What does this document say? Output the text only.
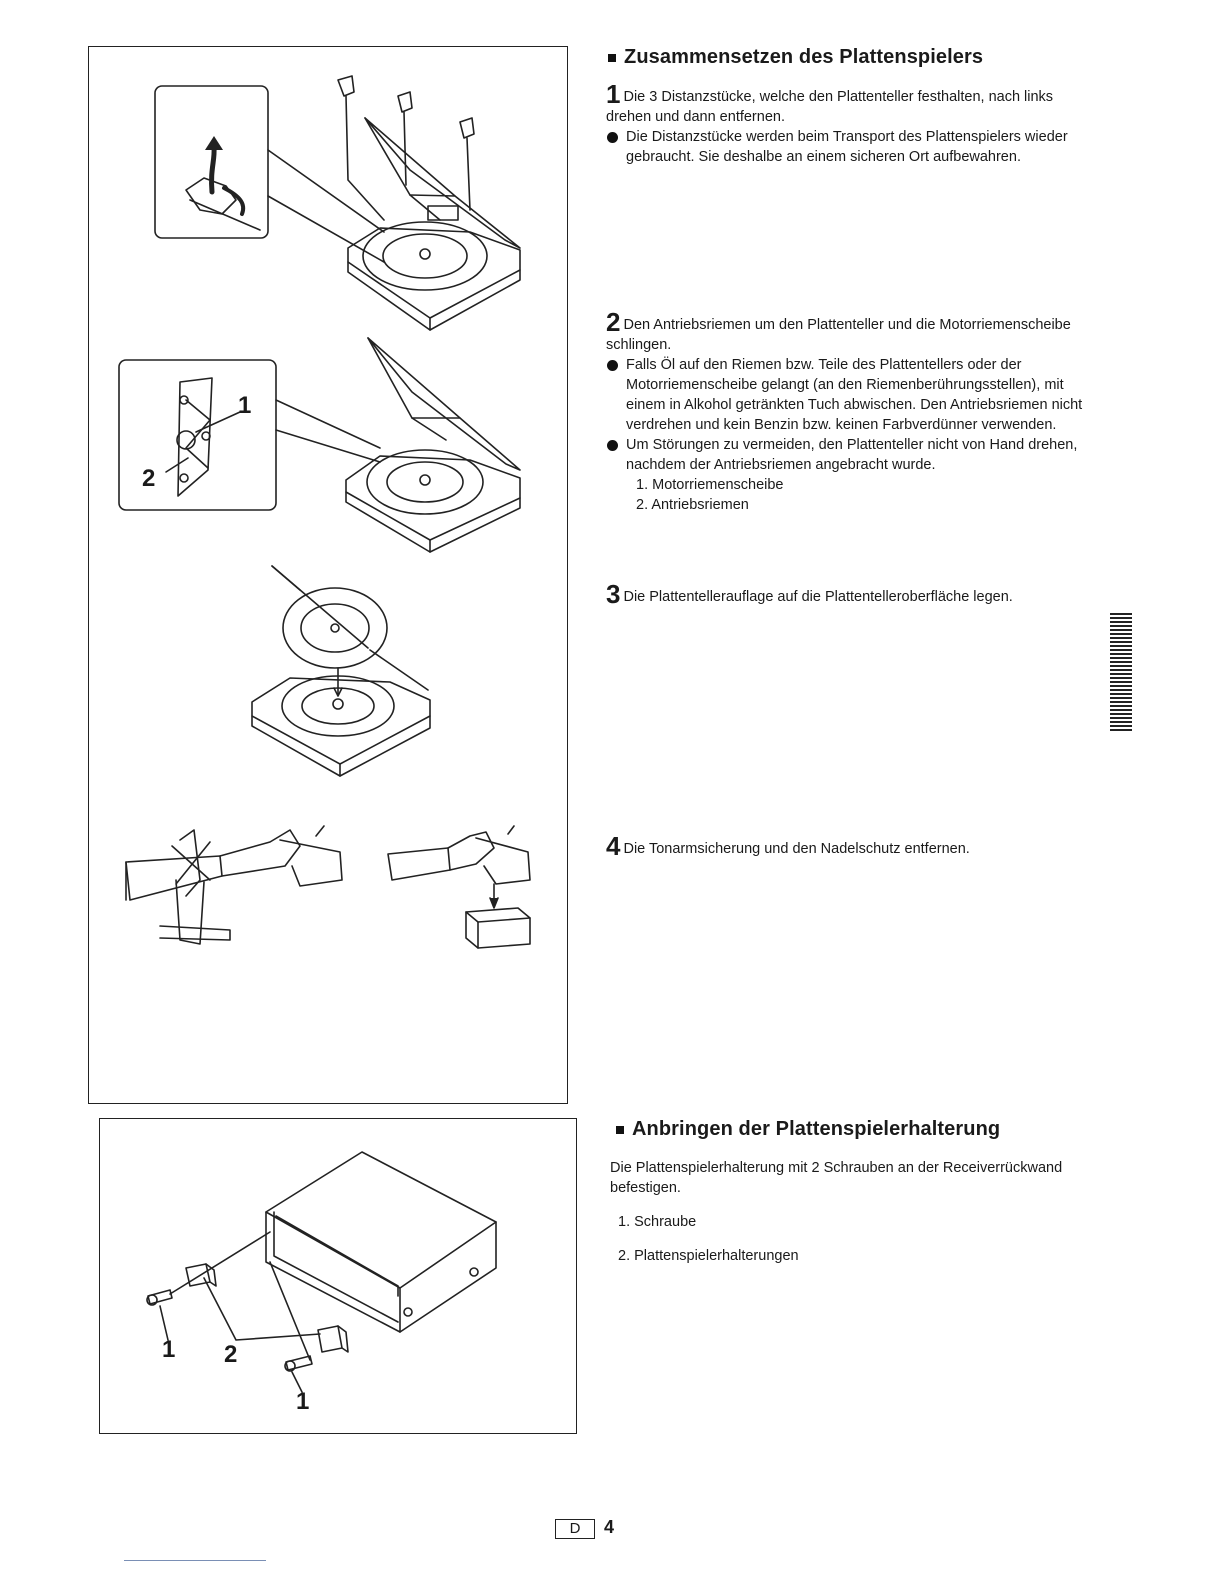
1
2
1 2
1
Zusammensetzen des Plattenspielers
1 Die 3 Distanzstücke, welche den Plattenteller festhalten, nach links drehen und dann entfernen.
Die Distanzstücke werden beim Transport des Plattenspielers wieder gebraucht. Sie deshalbe an einem sicheren Ort aufbewahren.
2 Den Antriebsriemen um den Plattenteller und die Motorriemenscheibe schlingen.
Falls Öl auf den Riemen bzw. Teile des Plattentellers oder der Motorriemenscheibe gelangt (an den Riemenberührungsstellen), mit einem in Alkohol getränkten Tuch abwischen. Den Antriebsriemen nicht verdrehen und kein Benzin bzw. keinen Farbverdünner verwenden.
Um Störungen zu vermeiden, den Plattenteller nicht von Hand drehen, nachdem der Antriebsriemen angebracht wurde.
1. Motorriemenscheibe
2. Antriebsriemen
3 Die Plattentellerauflage auf die Plattentelleroberfläche legen.
4 Die Tonarmsicherung und den Nadelschutz entfernen.
Anbringen der Plattenspielerhalterung
Die Plattenspielerhalterung mit 2 Schrauben an der Receiverrückwand befestigen.
1. Schraube
2. Plattenspielerhalterungen
D	4
